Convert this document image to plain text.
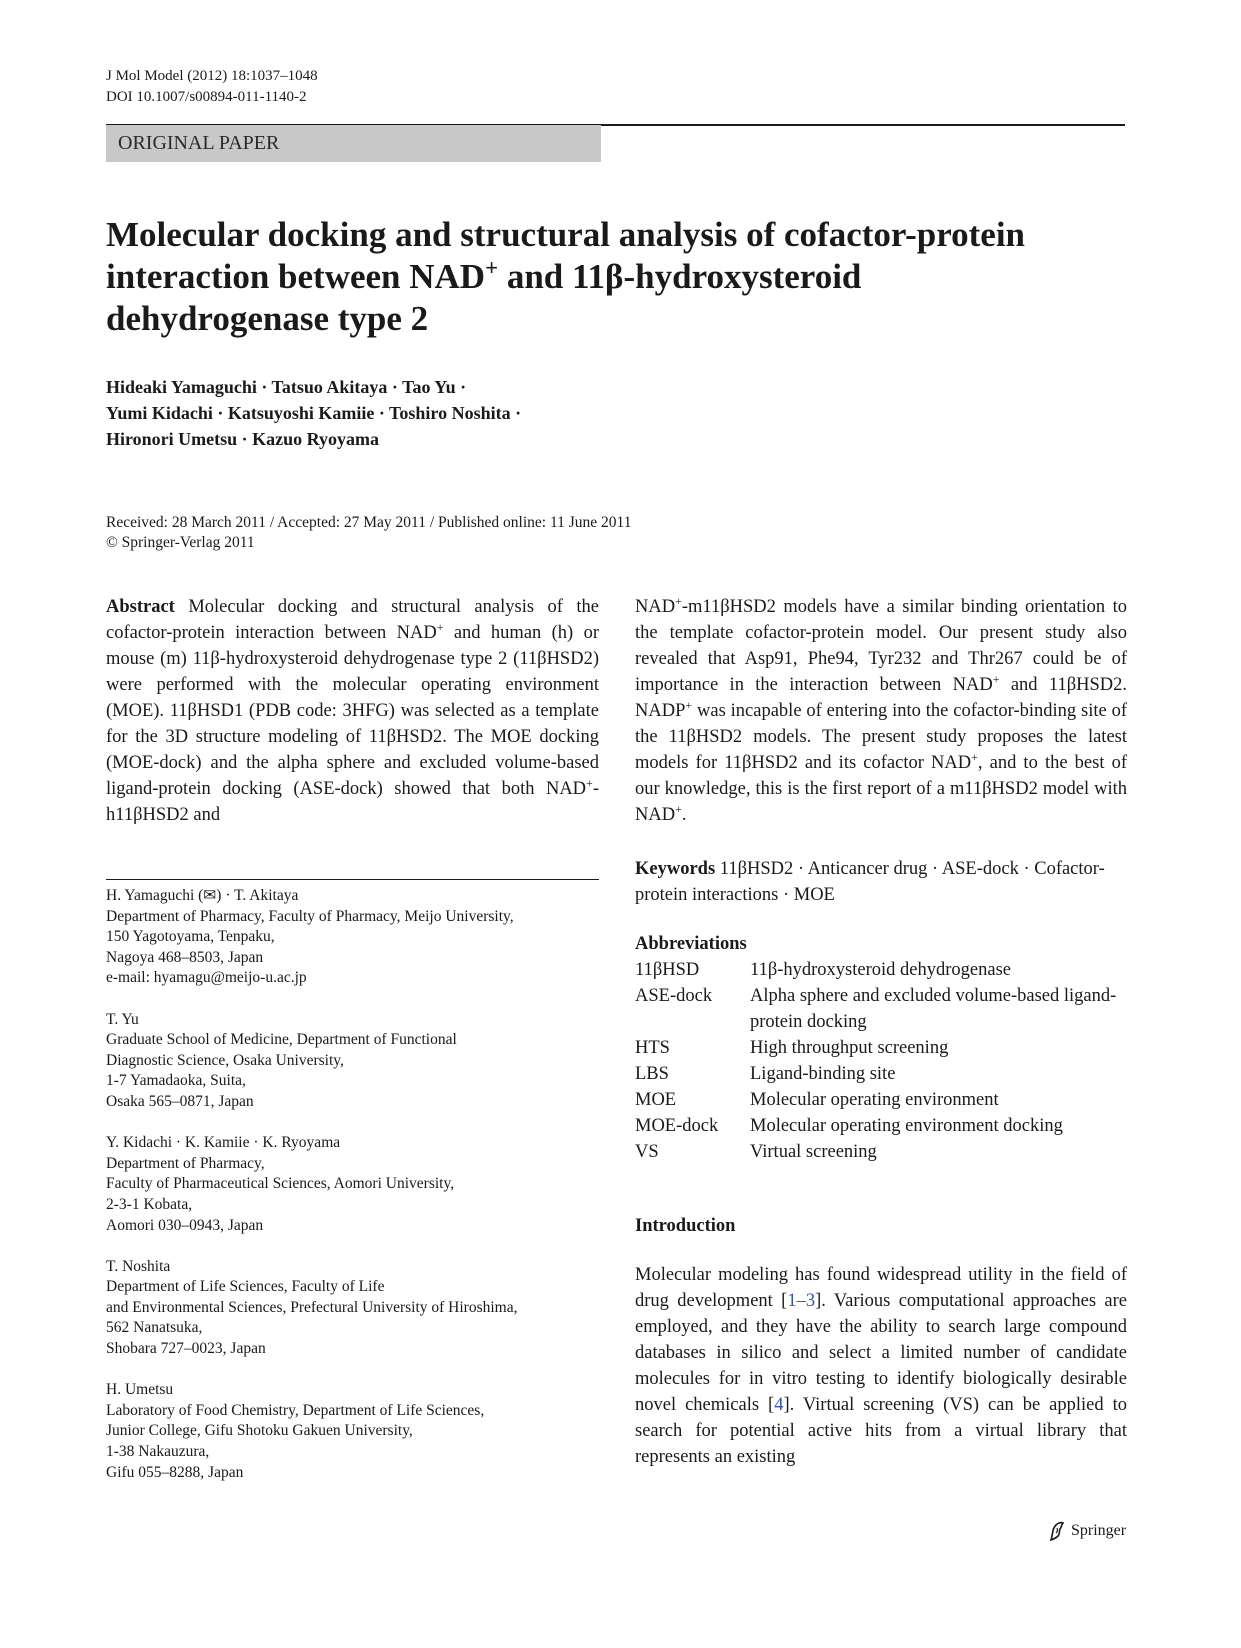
J Mol Model (2012) 18:1037–1048
DOI 10.1007/s00894-011-1140-2
ORIGINAL PAPER
Molecular docking and structural analysis of cofactor-protein
interaction between NAD+ and 11β-hydroxysteroid
dehydrogenase type 2
Hideaki Yamaguchi · Tatsuo Akitaya · Tao Yu ·
Yumi Kidachi · Katsuyoshi Kamiie · Toshiro Noshita ·
Hironori Umetsu · Kazuo Ryoyama
Received: 28 March 2011 / Accepted: 27 May 2011 / Published online: 11 June 2011
© Springer-Verlag 2011

Abstract Molecular docking and structural analysis of the cofactor-protein interaction between NAD+ and human (h) or mouse (m) 11β-hydroxysteroid dehydrogenase type 2 (11βHSD2) were performed with the molecular operating environment (MOE). 11βHSD1 (PDB code: 3HFG) was selected as a template for the 3D structure modeling of 11βHSD2. The MOE docking (MOE-dock) and the alpha sphere and excluded volume-based ligand-protein docking (ASE-dock) showed that both NAD+-h11βHSD2 and

H. Yamaguchi (✉) · T. Akitaya
Department of Pharmacy, Faculty of Pharmacy, Meijo University,
150 Yagotoyama, Tenpaku,
Nagoya 468–8503, Japan
e-mail: hyamagu@meijo-u.ac.jp
T. Yu
Graduate School of Medicine, Department of Functional
Diagnostic Science, Osaka University,
1-7 Yamadaoka, Suita,
Osaka 565–0871, Japan
Y. Kidachi · K. Kamiie · K. Ryoyama
Department of Pharmacy,
Faculty of Pharmaceutical Sciences, Aomori University,
2-3-1 Kobata,
Aomori 030–0943, Japan
T. Noshita
Department of Life Sciences, Faculty of Life
and Environmental Sciences, Prefectural University of Hiroshima,
562 Nanatsuka,
Shobara 727–0023, Japan
H. Umetsu
Laboratory of Food Chemistry, Department of Life Sciences,
Junior College, Gifu Shotoku Gakuen University,
1-38 Nakauzura,
Gifu 055–8288, Japan

NAD+-m11βHSD2 models have a similar binding orientation to the template cofactor-protein model. Our present study also revealed that Asp91, Phe94, Tyr232 and Thr267 could be of importance in the interaction between NAD+ and 11βHSD2. NADP+ was incapable of entering into the cofactor-binding site of the 11βHSD2 models. The present study proposes the latest models for 11βHSD2 and its cofactor NAD+, and to the best of our knowledge, this is the first report of a m11βHSD2 model with NAD+.

Keywords 11βHSD2 · Anticancer drug · ASE-dock · Cofactor-protein interactions · MOE
Abbreviations
11βHSD	11β-hydroxysteroid dehydrogenase
ASE-dock	Alpha sphere and excluded volume-based ligand-protein docking
HTS	High throughput screening
LBS	Ligand-binding site
MOE	Molecular operating environment
MOE-dock	Molecular operating environment docking
VS	Virtual screening
Introduction

Molecular modeling has found widespread utility in the field of drug development [1–3]. Various computational approaches are employed, and they have the ability to search large compound databases in silico and select a limited number of candidate molecules for in vitro testing to identify biologically desirable novel chemicals [4]. Virtual screening (VS) can be applied to search for potential active hits from a virtual library that represents an existing

Springer
